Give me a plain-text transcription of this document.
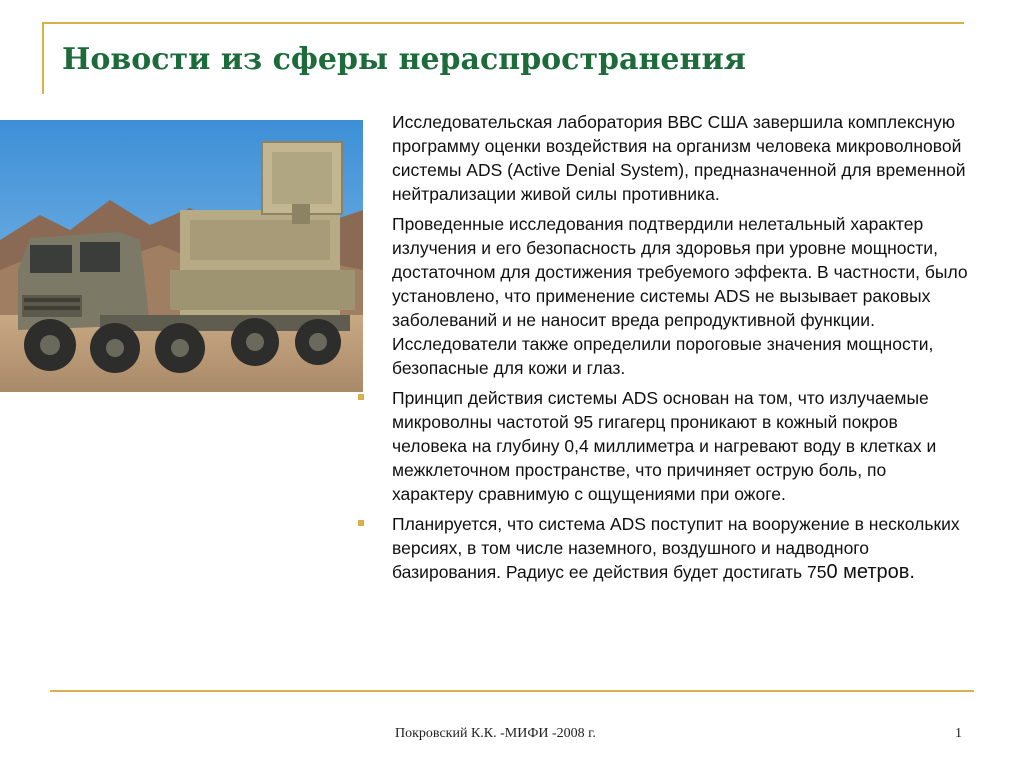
Новости из сферы нераспространения

Исследовательская лаборатория ВВС США завершила комплексную программу оценки воздействия на организм человека микроволновой системы ADS (Active Denial System), предназначенной для временной нейтрализации живой силы противника.

Проведенные исследования подтвердили нелетальный характер излучения и его безопасность для здоровья при уровне мощности, достаточном для достижения требуемого эффекта. В частности, было установлено, что применение системы ADS не вызывает раковых заболеваний и не наносит вреда репродуктивной функции. Исследователи также определили пороговые значения мощности, безопасные для кожи и глаз.

Принцип действия системы ADS основан на том, что излучаемые микроволны частотой 95 гигагерц проникают в кожный покров человека на глубину 0,4 миллиметра и нагревают воду в клетках и межклеточном пространстве, что причиняет острую боль, по характеру сравнимую с ощущениями при ожоге.

Планируется, что система ADS поступит на вооружение в нескольких версиях, в том числе наземного, воздушного и надводного базирования. Радиус ее действия будет достигать 750 метров.

Покровский К.К. -МИФИ -2008 г.	1
